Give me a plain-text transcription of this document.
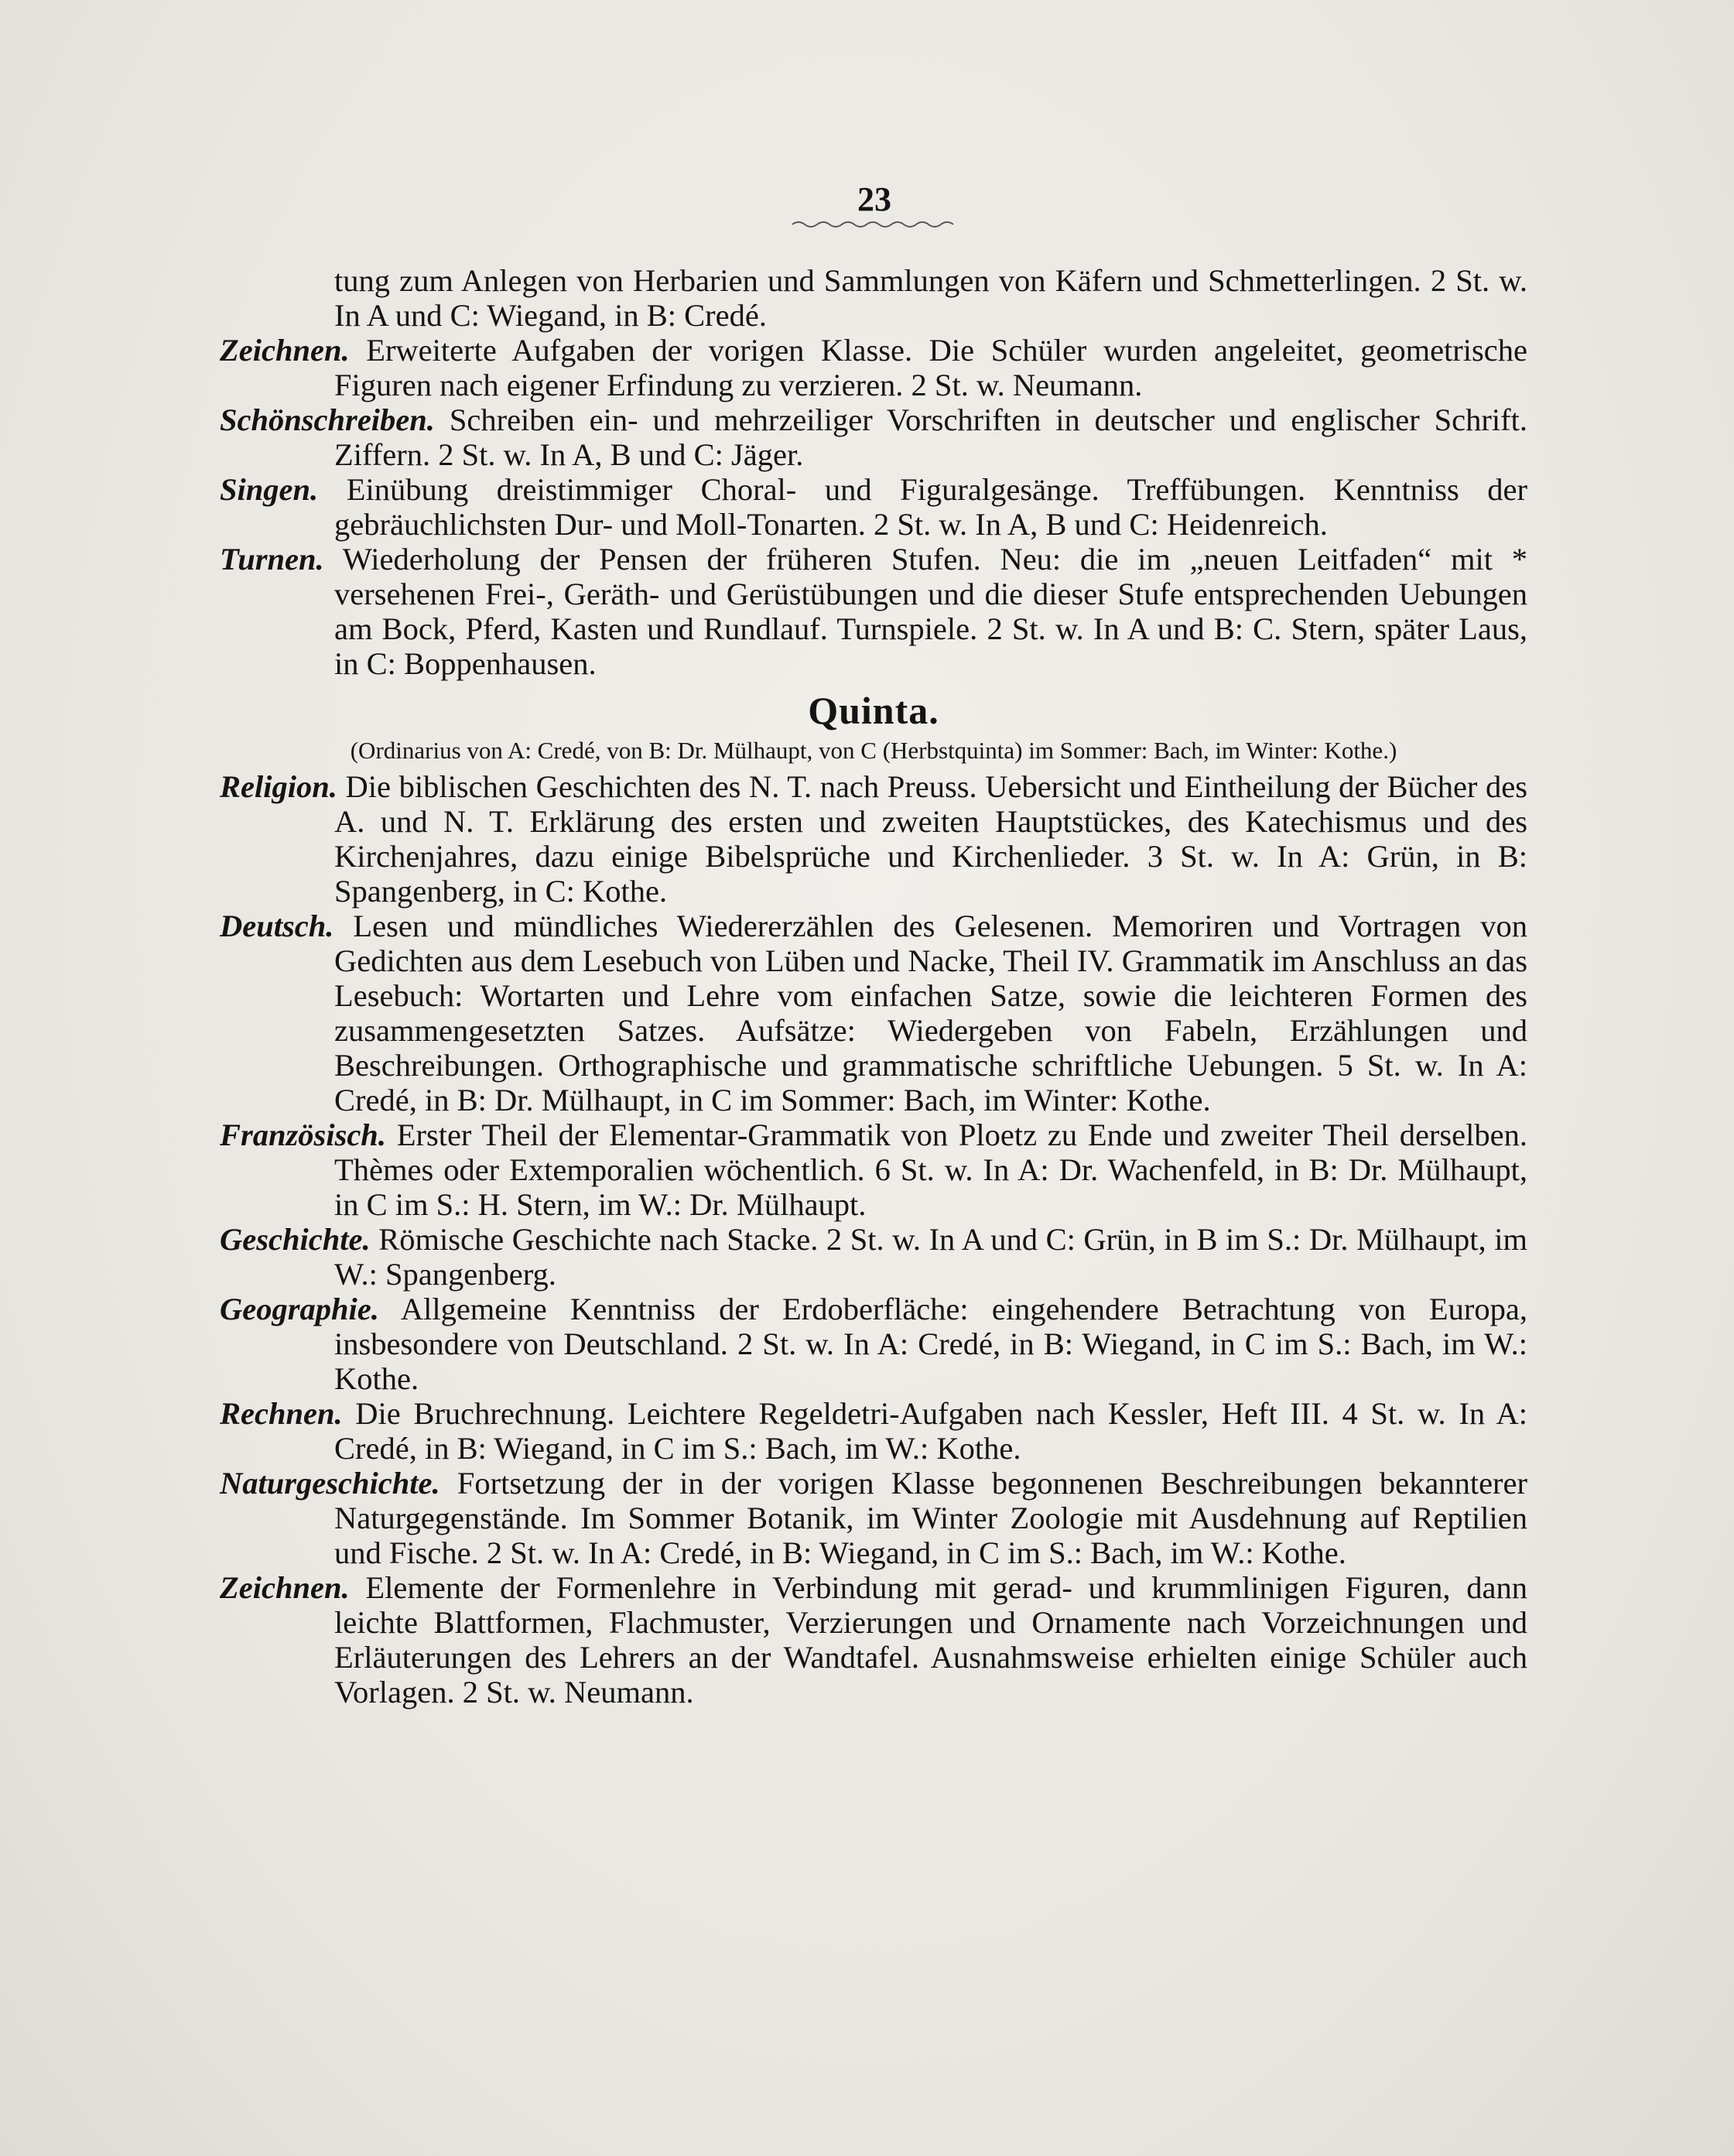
23

tung zum Anlegen von Herbarien und Sammlungen von Käfern und Schmetterlingen. 2 St. w. In A und C: Wiegand, in B: Credé.

Zeichnen. Erweiterte Aufgaben der vorigen Klasse. Die Schüler wurden angeleitet, geometrische Figuren nach eigener Erfindung zu verzieren. 2 St. w. Neumann.

Schönschreiben. Schreiben ein- und mehrzeiliger Vorschriften in deutscher und englischer Schrift. Ziffern. 2 St. w. In A, B und C: Jäger.

Singen. Einübung dreistimmiger Choral- und Figuralgesänge. Treffübungen. Kenntniss der gebräuchlichsten Dur- und Moll-Tonarten. 2 St. w. In A, B und C: Heidenreich.

Turnen. Wiederholung der Pensen der früheren Stufen. Neu: die im „neuen Leitfaden“ mit * versehenen Frei-, Geräth- und Gerüstübungen und die dieser Stufe entsprechenden Uebungen am Bock, Pferd, Kasten und Rundlauf. Turnspiele. 2 St. w. In A und B: C. Stern, später Laus, in C: Boppenhausen.

Quinta.
(Ordinarius von A: Credé, von B: Dr. Mülhaupt, von C (Herbstquinta) im Sommer: Bach, im Winter: Kothe.)

Religion. Die biblischen Geschichten des N. T. nach Preuss. Uebersicht und Eintheilung der Bücher des A. und N. T. Erklärung des ersten und zweiten Hauptstückes, des Katechismus und des Kirchenjahres, dazu einige Bibelsprüche und Kirchenlieder. 3 St. w. In A: Grün, in B: Spangenberg, in C: Kothe.

Deutsch. Lesen und mündliches Wiedererzählen des Gelesenen. Memoriren und Vortragen von Gedichten aus dem Lesebuch von Lüben und Nacke, Theil IV. Grammatik im Anschluss an das Lesebuch: Wortarten und Lehre vom einfachen Satze, sowie die leichteren Formen des zusammengesetzten Satzes. Aufsätze: Wiedergeben von Fabeln, Erzählungen und Beschreibungen. Orthographische und grammatische schriftliche Uebungen. 5 St. w. In A: Credé, in B: Dr. Mülhaupt, in C im Sommer: Bach, im Winter: Kothe.

Französisch. Erster Theil der Elementar-Grammatik von Ploetz zu Ende und zweiter Theil derselben. Thèmes oder Extemporalien wöchentlich. 6 St. w. In A: Dr. Wachenfeld, in B: Dr. Mülhaupt, in C im S.: H. Stern, im W.: Dr. Mülhaupt.

Geschichte. Römische Geschichte nach Stacke. 2 St. w. In A und C: Grün, in B im S.: Dr. Mülhaupt, im W.: Spangenberg.

Geographie. Allgemeine Kenntniss der Erdoberfläche: eingehendere Betrachtung von Europa, insbesondere von Deutschland. 2 St. w. In A: Credé, in B: Wiegand, in C im S.: Bach, im W.: Kothe.

Rechnen. Die Bruchrechnung. Leichtere Regeldetri-Aufgaben nach Kessler, Heft III. 4 St. w. In A: Credé, in B: Wiegand, in C im S.: Bach, im W.: Kothe.

Naturgeschichte. Fortsetzung der in der vorigen Klasse begonnenen Beschreibungen bekannterer Naturgegenstände. Im Sommer Botanik, im Winter Zoologie mit Ausdehnung auf Reptilien und Fische. 2 St. w. In A: Credé, in B: Wiegand, in C im S.: Bach, im W.: Kothe.

Zeichnen. Elemente der Formenlehre in Verbindung mit gerad- und krummlinigen Figuren, dann leichte Blattformen, Flachmuster, Verzierungen und Ornamente nach Vorzeichnungen und Erläuterungen des Lehrers an der Wandtafel. Ausnahmsweise erhielten einige Schüler auch Vorlagen. 2 St. w. Neumann.
